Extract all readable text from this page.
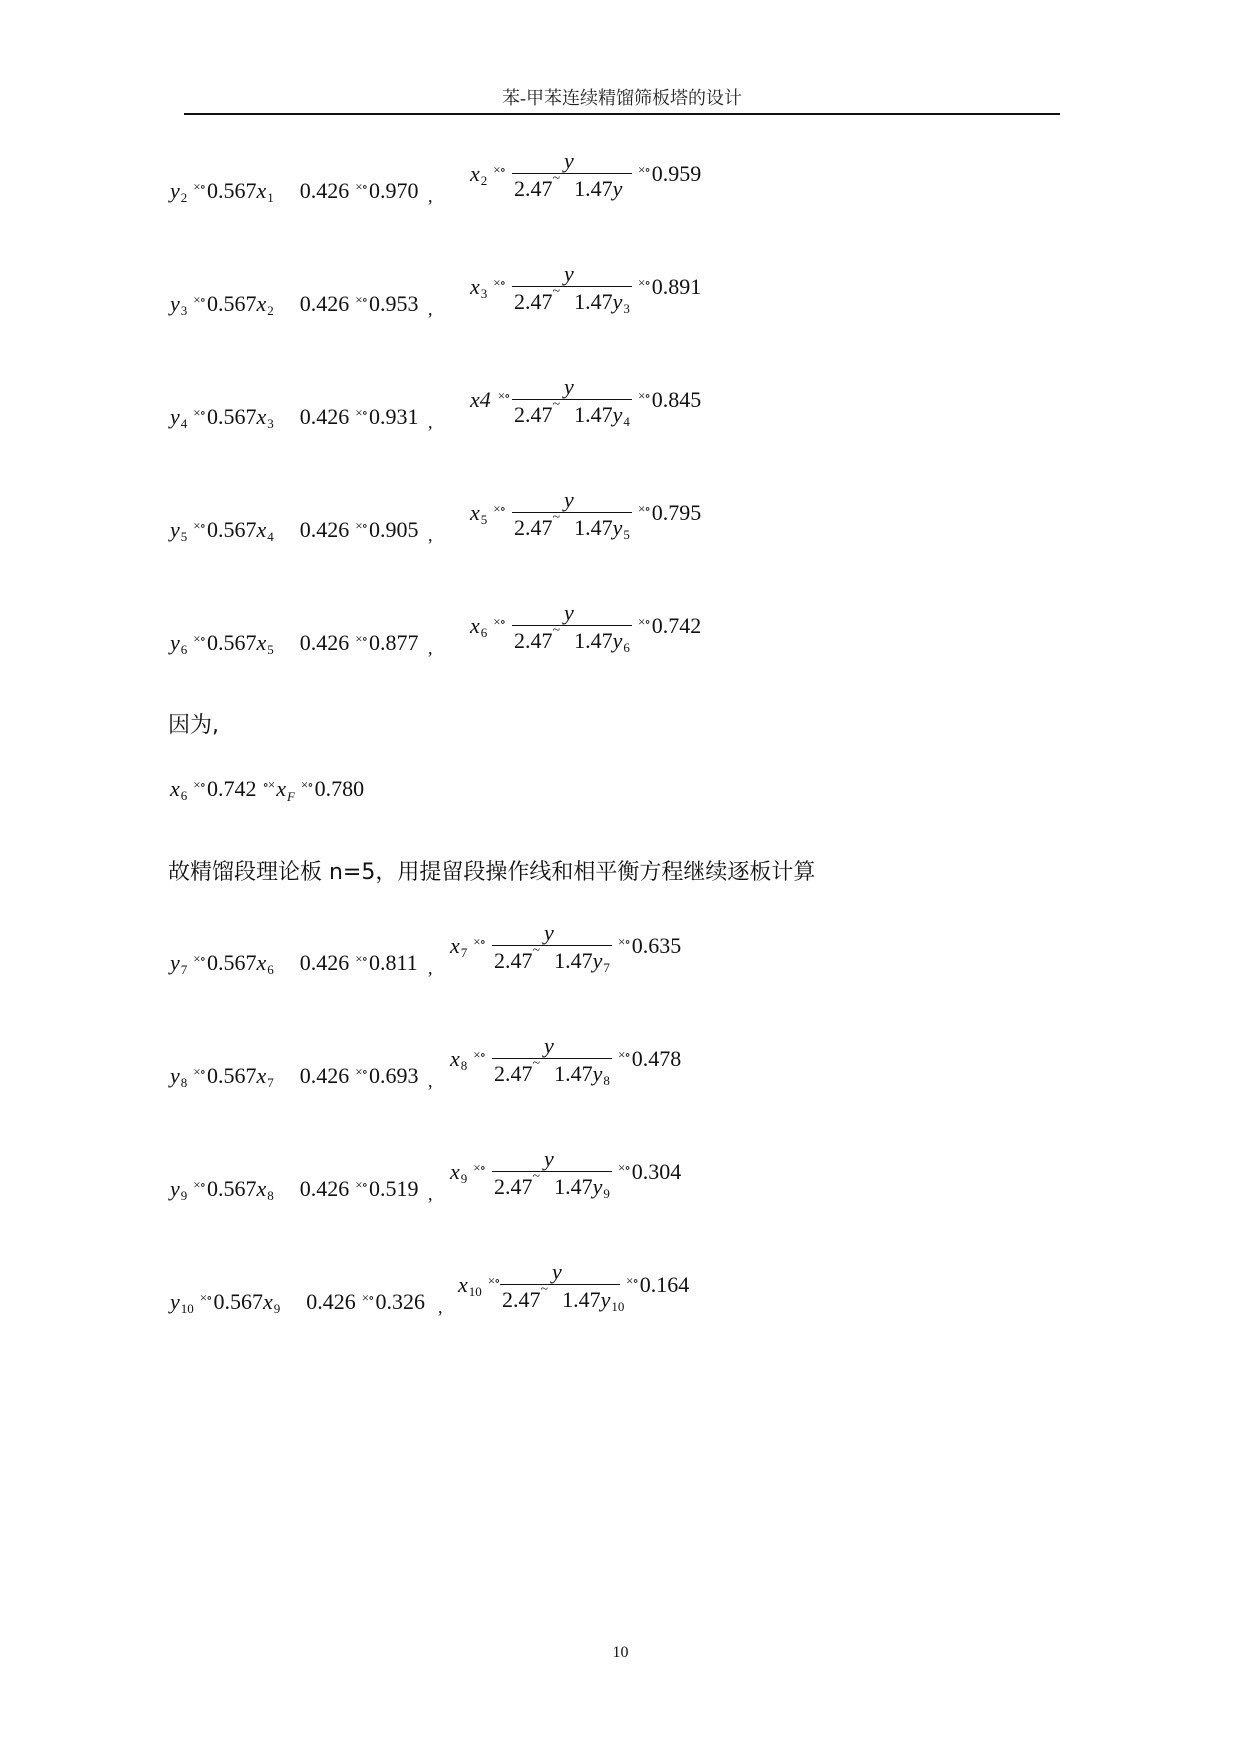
苯-甲苯连续精馏筛板塔的设计
y2×∘0.567x1 0.426 ×∘0.970 ,
x2×∘	y
2.47~ 1.47y
×∘0.959
y3×∘0.567x2 0.426 ×∘0.953 ,
x3×∘	y
2.47~ 1.47y3
×∘0.891
y4×∘0.567x3 0.426 ×∘0.931 ,
x4 ×∘ y
2.47~ 1.47y4
×∘0.845
y5×∘0.567x4 0.426 ×∘0.905 ,
x5×∘	y
2.47~ 1.47y5
×∘0.795
y6×∘0.567x5 0.426 ×∘0.877 ,
x6×∘	y
2.47~ 1.47y6
×∘0.742
y7×∘0.567x6 0.426 ×∘0.811 ,
x7×∘	y
2.47~ 1.47y7
×∘0.635
y8×∘0.567x7 0.426 ×∘0.693 ,
x8×∘	y
2.47~ 1.47y8
×∘0.478
y9×∘0.567x8 0.426 ×∘0.519 ,
x9×∘	y
2.47~ 1.47y9
×∘0.304
y10×∘0.567x9 0.426 ×∘0.326 ,
x10×∘ y
2.47~ 1.47y10
×∘0.164
因为,
x6×∘0.742 $^{\circ\times}x_F^{\times\circ}0.780$
故精馏段理论板 n=5，用提留段操作线和相平衡方程继续逐板计算
10
